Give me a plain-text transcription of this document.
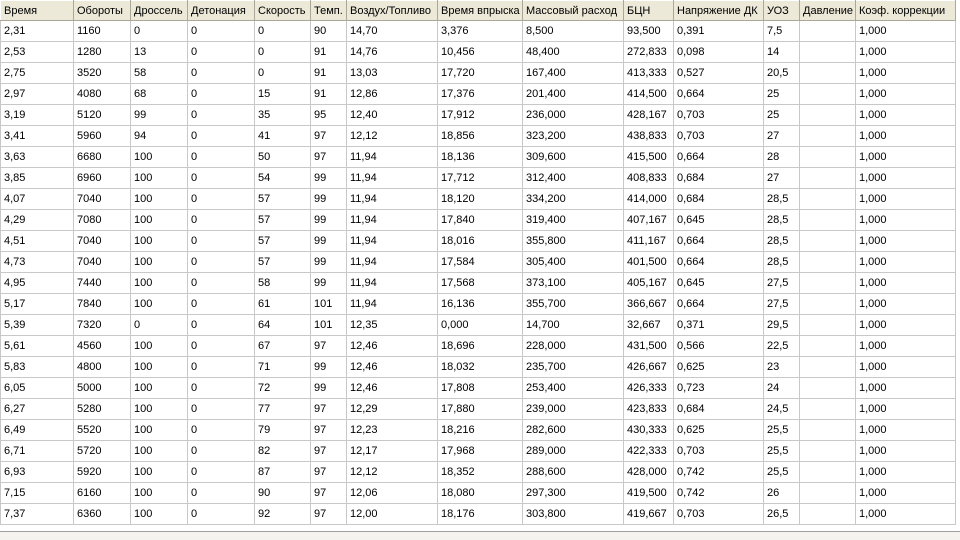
Время	Обороты	Дроссель	Детонация	Скорость	Темп.	Воздух/Топливо	Время впрыска	Массовый расход	БЦН	Напряжение ДК	УОЗ	Давление	Коэф. коррекции
2,31	1160	0	0	0	90	14,70	3,376	8,500	93,500	0,391	7,5		1,000
2,53	1280	13	0	0	91	14,76	10,456	48,400	272,833	0,098	14		1,000
2,75	3520	58	0	0	91	13,03	17,720	167,400	413,333	0,527	20,5		1,000
2,97	4080	68	0	15	91	12,86	17,376	201,400	414,500	0,664	25		1,000
3,19	5120	99	0	35	95	12,40	17,912	236,000	428,167	0,703	25		1,000
3,41	5960	94	0	41	97	12,12	18,856	323,200	438,833	0,703	27		1,000
3,63	6680	100	0	50	97	11,94	18,136	309,600	415,500	0,664	28		1,000
3,85	6960	100	0	54	99	11,94	17,712	312,400	408,833	0,684	27		1,000
4,07	7040	100	0	57	99	11,94	18,120	334,200	414,000	0,684	28,5		1,000
4,29	7080	100	0	57	99	11,94	17,840	319,400	407,167	0,645	28,5		1,000
4,51	7040	100	0	57	99	11,94	18,016	355,800	411,167	0,664	28,5		1,000
4,73	7040	100	0	57	99	11,94	17,584	305,400	401,500	0,664	28,5		1,000
4,95	7440	100	0	58	99	11,94	17,568	373,100	405,167	0,645	27,5		1,000
5,17	7840	100	0	61	101	11,94	16,136	355,700	366,667	0,664	27,5		1,000
5,39	7320	0	0	64	101	12,35	0,000	14,700	32,667	0,371	29,5		1,000
5,61	4560	100	0	67	97	12,46	18,696	228,000	431,500	0,566	22,5		1,000
5,83	4800	100	0	71	99	12,46	18,032	235,700	426,667	0,625	23		1,000
6,05	5000	100	0	72	99	12,46	17,808	253,400	426,333	0,723	24		1,000
6,27	5280	100	0	77	97	12,29	17,880	239,000	423,833	0,684	24,5		1,000
6,49	5520	100	0	79	97	12,23	18,216	282,600	430,333	0,625	25,5		1,000
6,71	5720	100	0	82	97	12,17	17,968	289,000	422,333	0,703	25,5		1,000
6,93	5920	100	0	87	97	12,12	18,352	288,600	428,000	0,742	25,5		1,000
7,15	6160	100	0	90	97	12,06	18,080	297,300	419,500	0,742	26		1,000
7,37	6360	100	0	92	97	12,00	18,176	303,800	419,667	0,703	26,5		1,000
